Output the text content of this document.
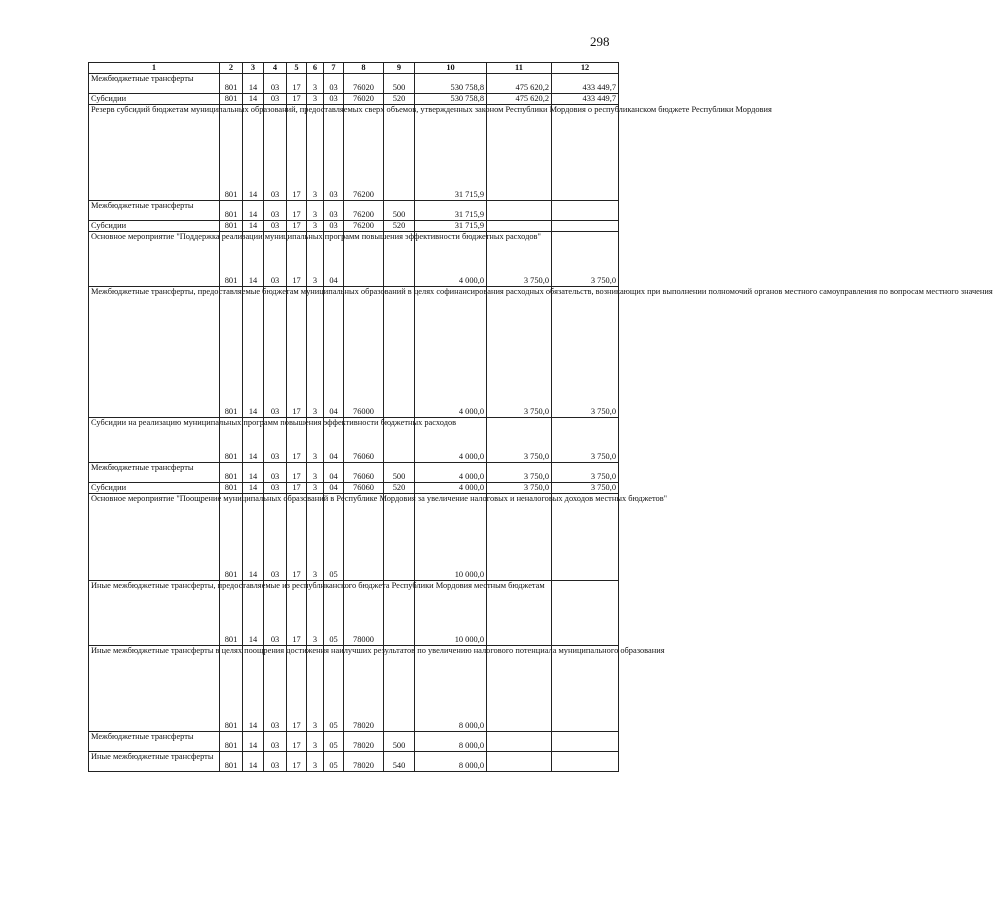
298
1	2	3	4	5	6	7	8	9	10	11	12
Межбюджетные трансферты	801	14	03	17	3	03	76020	500	530 758,8	475 620,2	433 449,7
Субсидии	801	14	03	17	3	03	76020	520	530 758,8	475 620,2	433 449,7
Резерв субсидий бюджетам муниципальных образований, предоставляемых сверх объемов, утвержденных законом Республики Мордовия о республиканском бюджете Республики Мордовия	801	14	03	17	3	03	76200		31 715,9		
Межбюджетные трансферты	801	14	03	17	3	03	76200	500	31 715,9		
Субсидии	801	14	03	17	3	03	76200	520	31 715,9		
Основное мероприятие "Поддержка реализации муниципальных программ повышения эффективности бюджетных расходов"	801	14	03	17	3	04			4 000,0	3 750,0	3 750,0
Межбюджетные трансферты, предоставляемые бюджетам муниципальных образований в целях софинансирования расходных обязательств, возникающих при выполнении полномочий органов местного самоуправления по вопросам местного значения	801	14	03	17	3	04	76000		4 000,0	3 750,0	3 750,0
Субсидии на реализацию муниципальных программ повышения эффективности бюджетных расходов	801	14	03	17	3	04	76060		4 000,0	3 750,0	3 750,0
Межбюджетные трансферты	801	14	03	17	3	04	76060	500	4 000,0	3 750,0	3 750,0
Субсидии	801	14	03	17	3	04	76060	520	4 000,0	3 750,0	3 750,0
Основное мероприятие "Поощрение муниципальных образований в Республике Мордовия за увеличение налоговых и неналоговых доходов местных бюджетов"	801	14	03	17	3	05			10 000,0		
Иные межбюджетные трансферты, предоставляемые из республиканского бюджета Республики Мордовия местным бюджетам	801	14	03	17	3	05	78000		10 000,0		
Иные межбюджетные трансферты в целях поощрения достижения наилучших результатов по увеличению налогового потенциала муниципального образования	801	14	03	17	3	05	78020		8 000,0		
Межбюджетные трансферты	801	14	03	17	3	05	78020	500	8 000,0		
Иные межбюджетные трансферты	801	14	03	17	3	05	78020	540	8 000,0		
